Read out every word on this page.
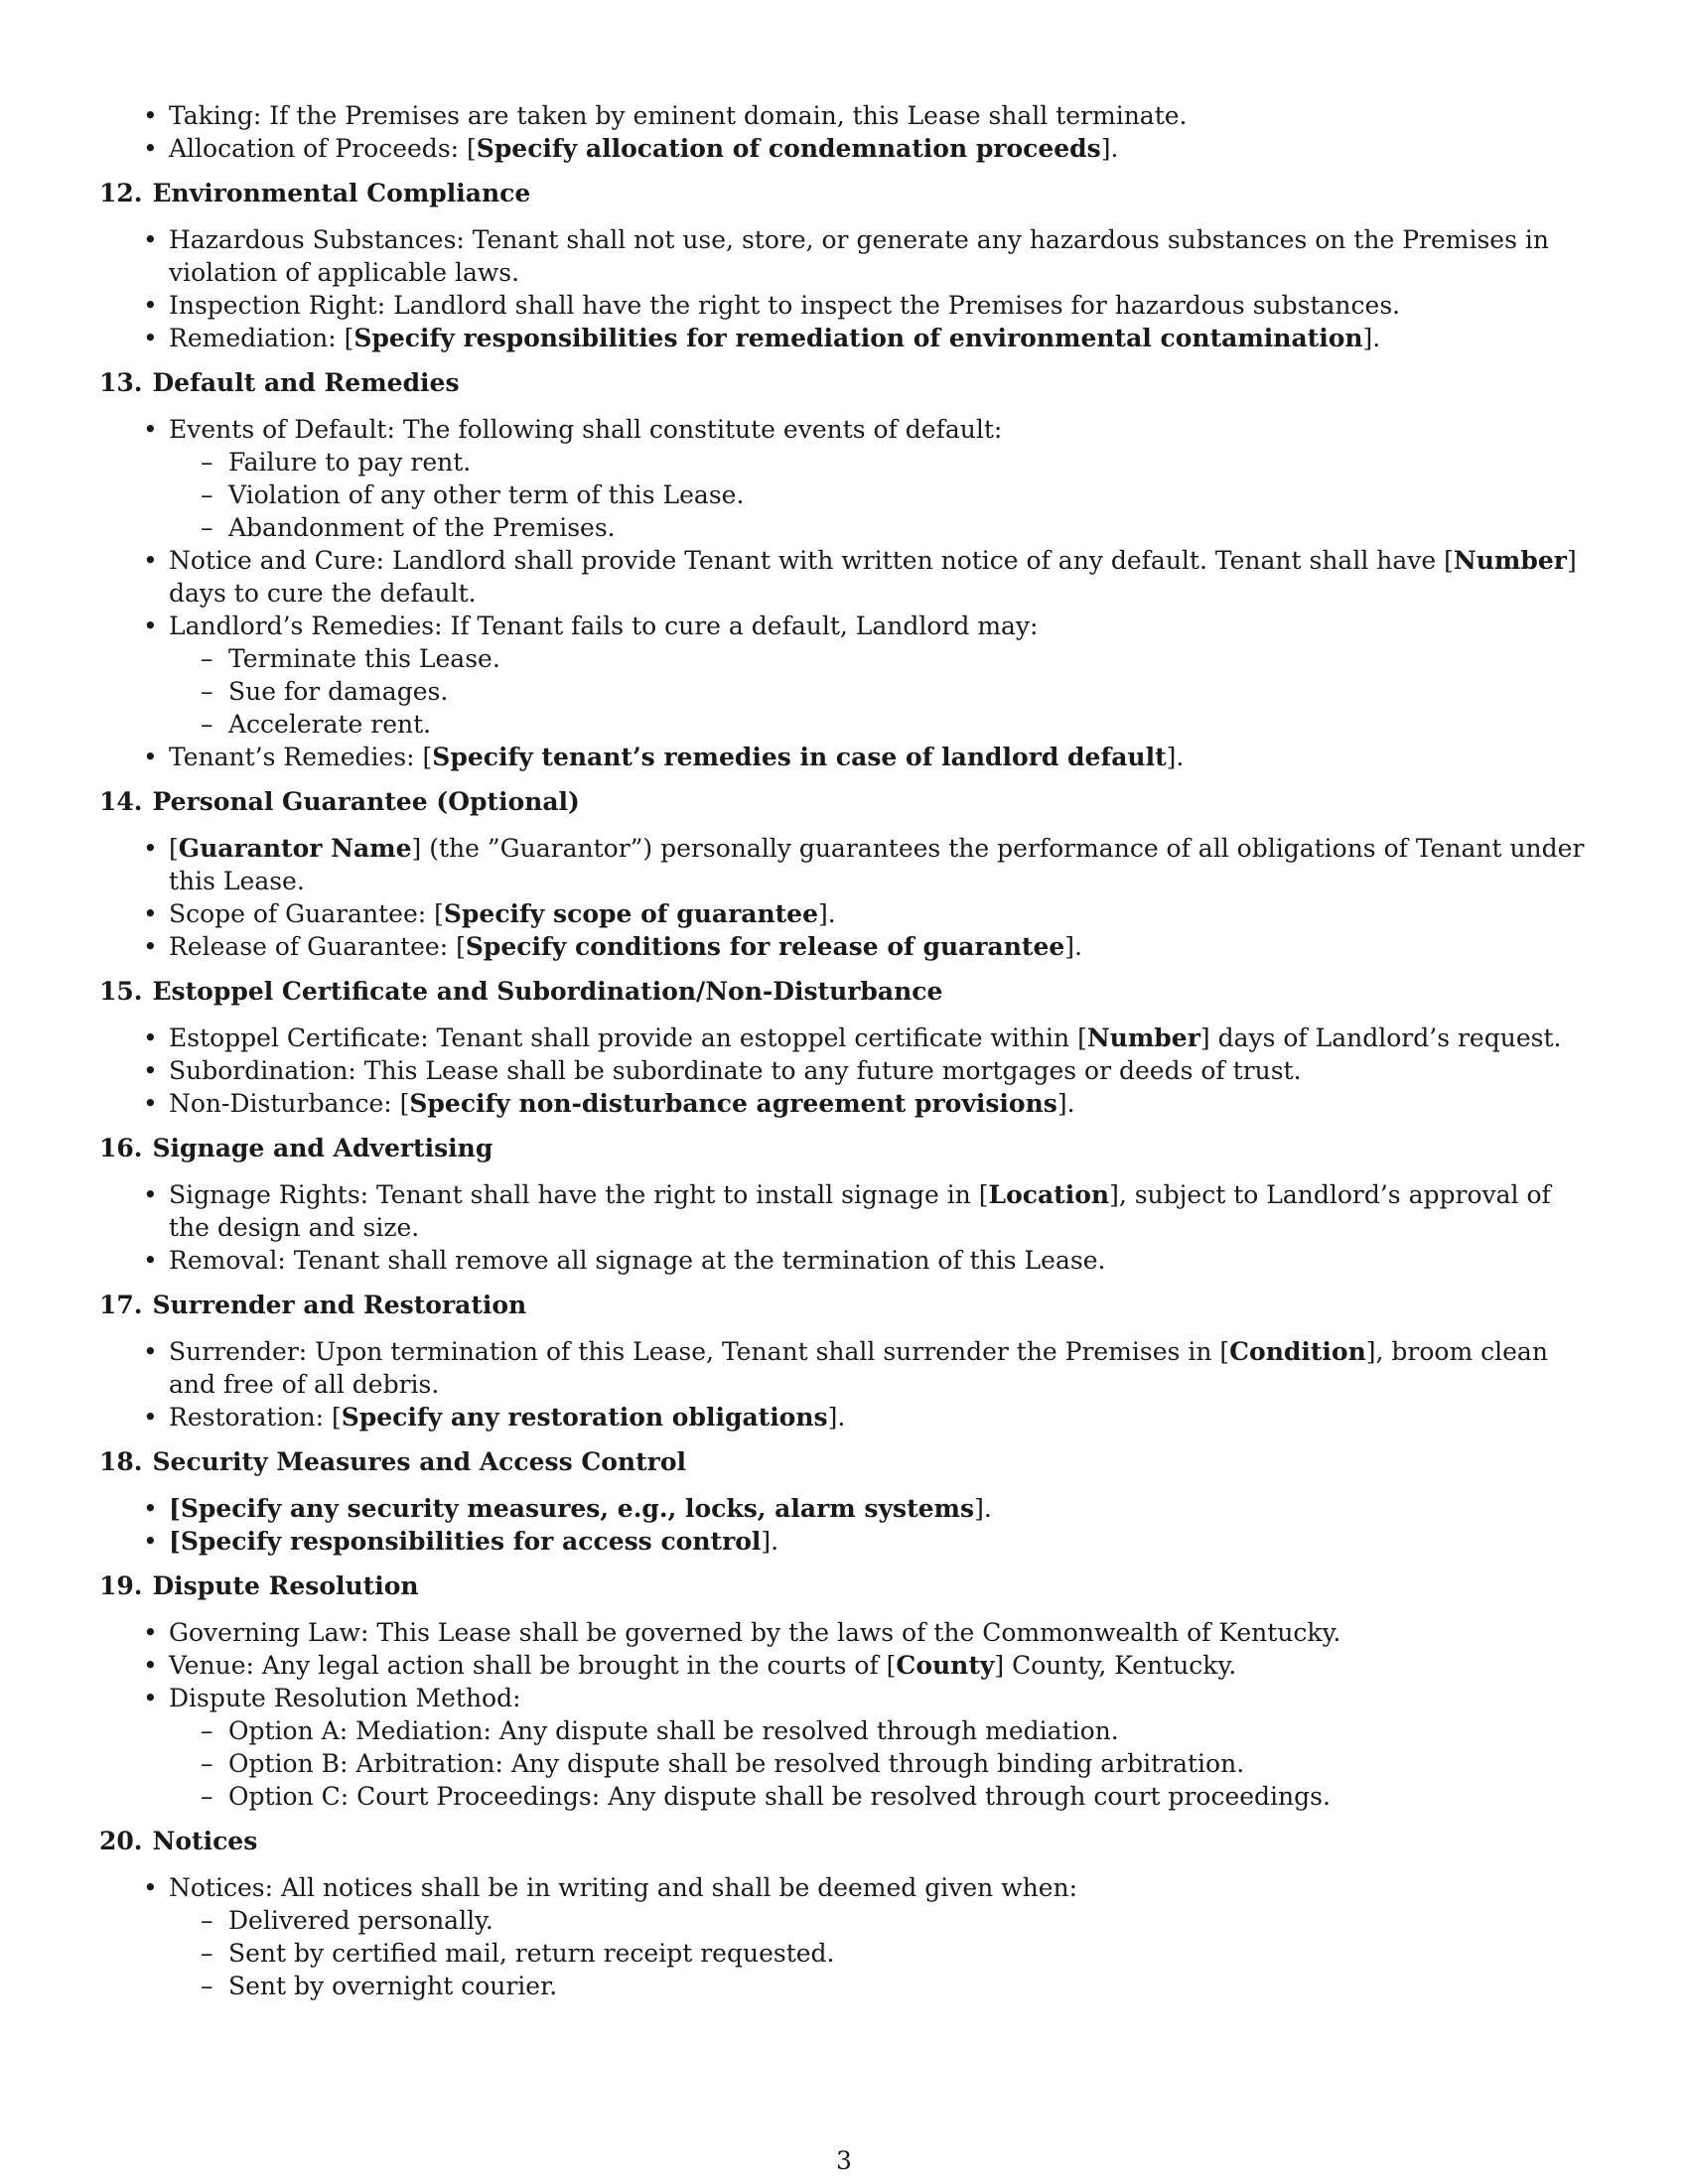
• Taking: If the Premises are taken by eminent domain, this Lease shall terminate.
• Allocation of Proceeds: [Specify allocation of condemnation proceeds].
12. Environmental Compliance
• Hazardous Substances: Tenant shall not use, store, or generate any hazardous substances on the Premises in violation of applicable laws.
• Inspection Right: Landlord shall have the right to inspect the Premises for hazardous substances.
• Remediation: [Specify responsibilities for remediation of environmental contamination].
13. Default and Remedies
• Events of Default: The following shall constitute events of default:
– Failure to pay rent.
– Violation of any other term of this Lease.
– Abandonment of the Premises.
• Notice and Cure: Landlord shall provide Tenant with written notice of any default. Tenant shall have [Number] days to cure the default.
• Landlord’s Remedies: If Tenant fails to cure a default, Landlord may:
– Terminate this Lease.
– Sue for damages.
– Accelerate rent.
• Tenant’s Remedies: [Specify tenant’s remedies in case of landlord default].
14. Personal Guarantee (Optional)
• [Guarantor Name] (the ”Guarantor”) personally guarantees the performance of all obligations of Tenant under this Lease.
• Scope of Guarantee: [Specify scope of guarantee].
• Release of Guarantee: [Specify conditions for release of guarantee].
15. Estoppel Certificate and Subordination/Non-Disturbance
• Estoppel Certificate: Tenant shall provide an estoppel certificate within [Number] days of Landlord’s request.
• Subordination: This Lease shall be subordinate to any future mortgages or deeds of trust.
• Non-Disturbance: [Specify non-disturbance agreement provisions].
16. Signage and Advertising
• Signage Rights: Tenant shall have the right to install signage in [Location], subject to Landlord’s approval of the design and size.
• Removal: Tenant shall remove all signage at the termination of this Lease.
17. Surrender and Restoration
• Surrender: Upon termination of this Lease, Tenant shall surrender the Premises in [Condition], broom clean and free of all debris.
• Restoration: [Specify any restoration obligations].
18. Security Measures and Access Control
• [Specify any security measures, e.g., locks, alarm systems].
• [Specify responsibilities for access control].
19. Dispute Resolution
• Governing Law: This Lease shall be governed by the laws of the Commonwealth of Kentucky.
• Venue: Any legal action shall be brought in the courts of [County] County, Kentucky.
• Dispute Resolution Method:
– Option A: Mediation: Any dispute shall be resolved through mediation.
– Option B: Arbitration: Any dispute shall be resolved through binding arbitration.
– Option C: Court Proceedings: Any dispute shall be resolved through court proceedings.
20. Notices
• Notices: All notices shall be in writing and shall be deemed given when:
– Delivered personally.
– Sent by certified mail, return receipt requested.
– Sent by overnight courier.
3
